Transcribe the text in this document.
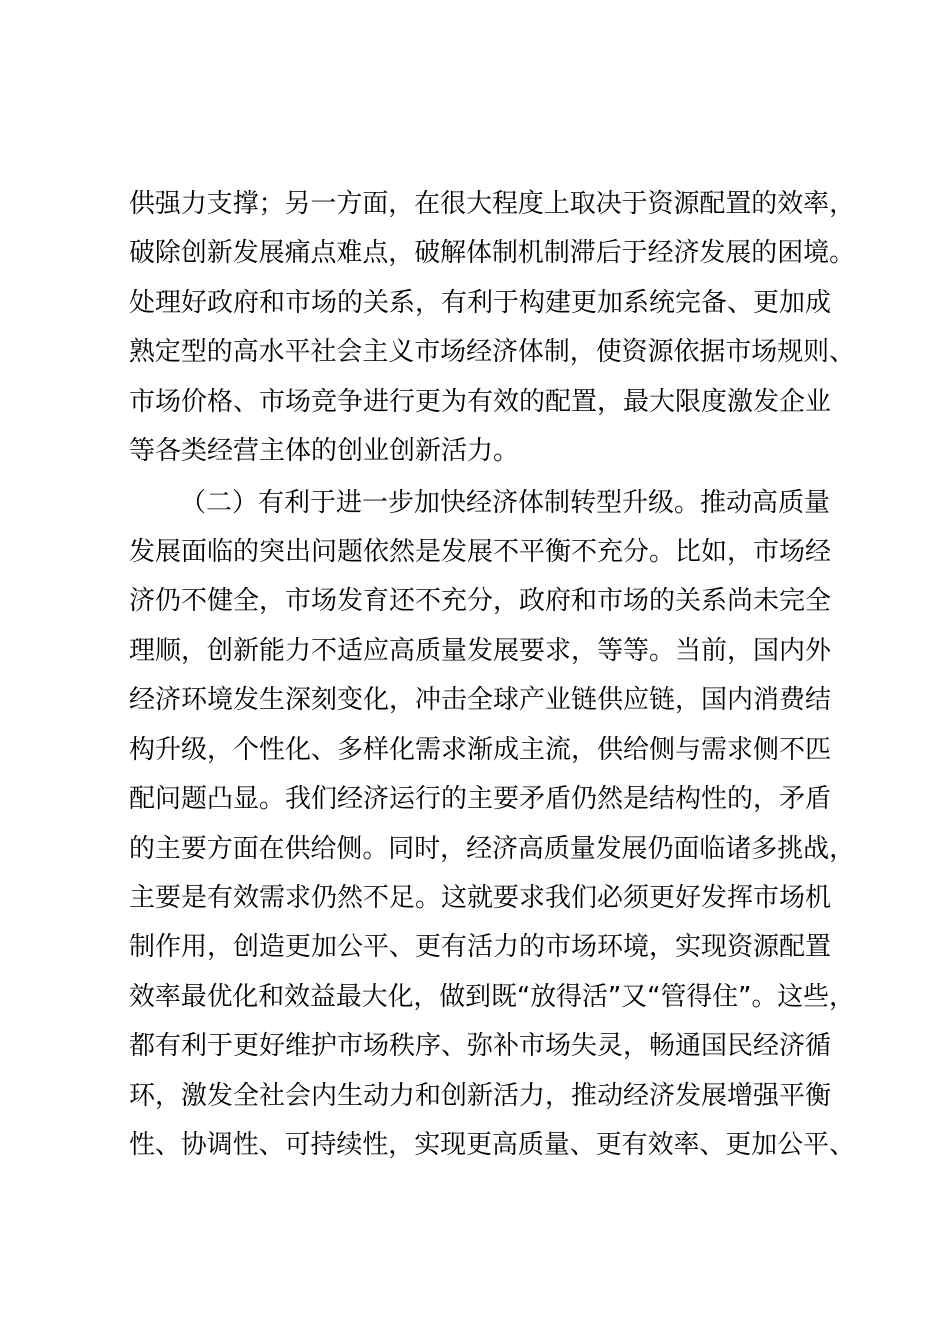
供强力支撑；另一方面，在很大程度上取决于资源配置的效率，
破除创新发展痛点难点，破解体制机制滞后于经济发展的困境。
处理好政府和市场的关系，有利于构建更加系统完备、更加成
熟定型的高水平社会主义市场经济体制，使资源依据市场规则、
市场价格、市场竞争进行更为有效的配置，最大限度激发企业
等各类经营主体的创业创新活力。
（二）有利于进一步加快经济体制转型升级。推动高质量
发展面临的突出问题依然是发展不平衡不充分。比如，市场经
济仍不健全，市场发育还不充分，政府和市场的关系尚未完全
理顺，创新能力不适应高质量发展要求，等等。当前，国内外
经济环境发生深刻变化，冲击全球产业链供应链，国内消费结
构升级，个性化、多样化需求渐成主流，供给侧与需求侧不匹
配问题凸显。我们经济运行的主要矛盾仍然是结构性的，矛盾
的主要方面在供给侧。同时，经济高质量发展仍面临诸多挑战，
主要是有效需求仍然不足。这就要求我们必须更好发挥市场机
制作用，创造更加公平、更有活力的市场环境，实现资源配置
效率最优化和效益最大化，做到既“放得活”又“管得住”。这些，
都有利于更好维护市场秩序、弥补市场失灵，畅通国民经济循
环，激发全社会内生动力和创新活力，推动经济发展增强平衡
性、协调性、可持续性，实现更高质量、更有效率、更加公平、
